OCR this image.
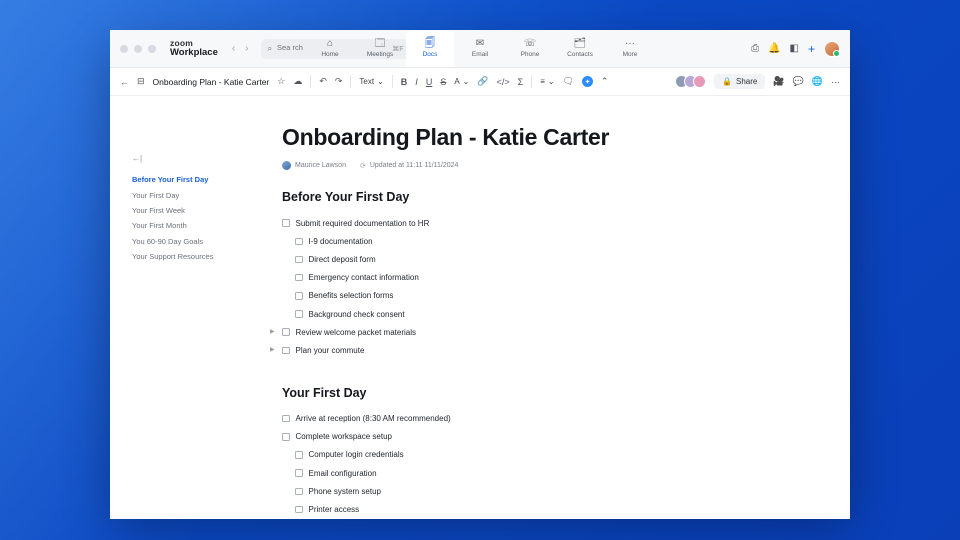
zoom
Workplace ‹ › ⌕ Sea rch	⌘F
⌂
Home
🗔
Meetings
🗐
Docs
✉
Email
☏
Phone
🗂
Contacts
···
More
⎙ 🔔 ◧ +
← ⊟ Onboarding Plan - Katie Carter ☆ ☁ ↶ ↷ Text ⌄ B I U S A ⌄ 🔗 </> Σ ≡ ⌄ 🗨	✦ ⌃	🔒 Share 🎥 💬 🌐 ···
←|
Before Your First Day
Your First Day
Your First Week
Your First Month
You 60-90 Day Goals
Your Support Resources
Onboarding Plan - Katie Carter
Maurice Lawson ⟳ Updated at 11:11 11/11/2024
Before Your First Day
Submit required documentation to HR
I-9 documentation
Direct deposit form
Emergency contact information
Benefits selection forms
Background check consent
▶	Review welcome packet materials
▶	Plan your commute
Your First Day
Arrive at reception (8:30 AM recommended)
Complete workspace setup
Computer login credentials
Email configuration
Phone system setup
Printer access
